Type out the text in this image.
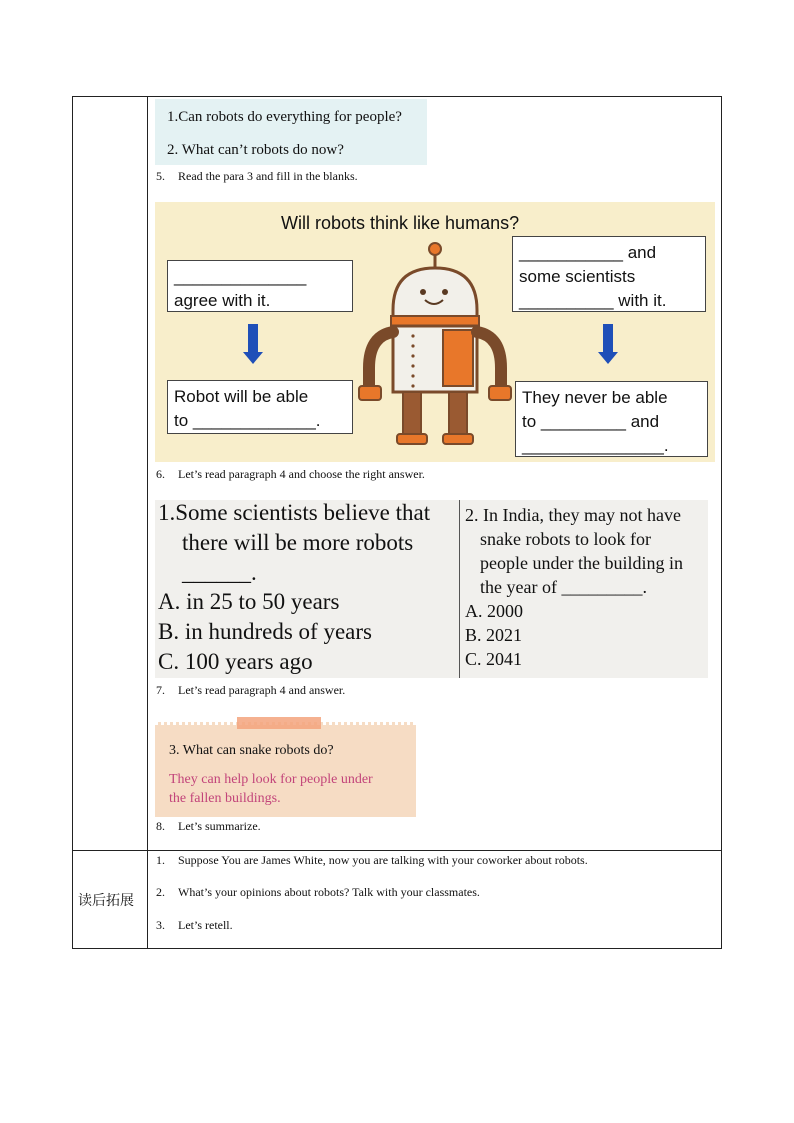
读后拓展
1.Can robots do everything for people?
2. What can’t robots do now?
5. Read the para 3 and fill in the blanks.
Will robots think like humans?
______________
agree with it.
___________ and
some scientists
__________ with it.
Robot will be able
to _____________.
They never be able
to _________ and
_______________.
6. Let’s read paragraph 4 and choose the right answer.
1.Some scientists believe that
there will be more robots
______.
A. in 25 to 50 years
B. in hundreds of years
C. 100 years ago
2. In India, they may not have
snake robots to look for
people under the building in
the year of _________.
A. 2000
B. 2021
C. 2041
7. Let’s read paragraph 4 and answer.
3. What can snake robots do?
They can help look for people under
the fallen buildings.
8. Let’s summarize.
1. Suppose You are James White, now you are talking with your coworker about robots.
2. What’s your opinions about robots? Talk with your classmates.
3. Let’s retell.
